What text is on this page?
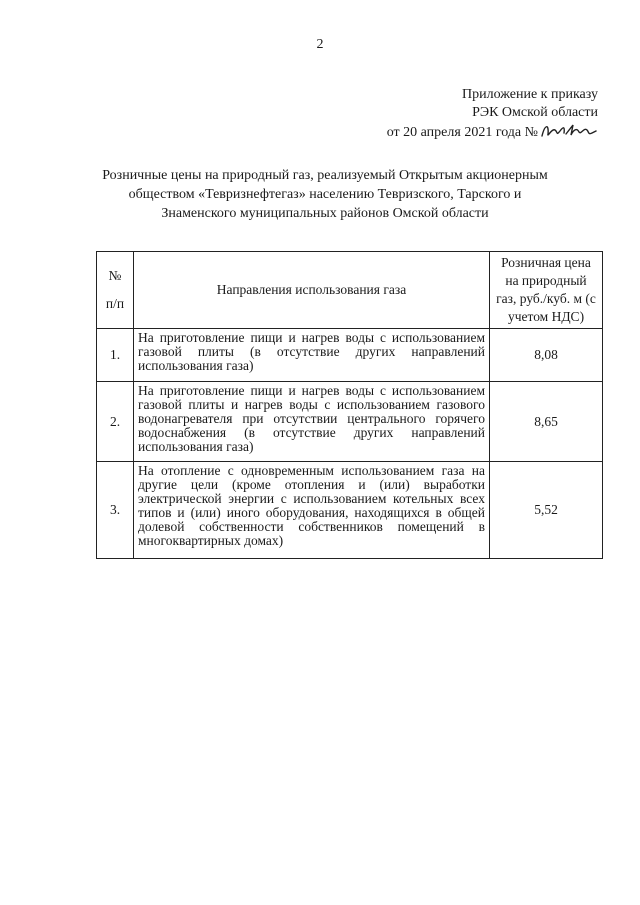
2
Приложение к приказу
РЭК Омской области
от 20 апреля 2021 года №
Розничные цены на природный газ, реализуемый Открытым акционерным обществом «Тевризнефтегаз» населению Тевризского, Тарского и Знаменского муниципальных районов Омской области
№
п/п	Направления использования газа	Розничная цена на природный газ, руб./куб. м (с учетом НДС)
1.	На приготовление пищи и нагрев воды с использованием газовой плиты (в отсутствие других направлений использования газа)	8,08
2.	На приготовление пищи и нагрев воды с использованием газовой плиты и нагрев воды с использованием газового водонагревателя при отсутствии центрального горячего водоснабжения (в отсутствие других направлений использования газа)	8,65
3.	На отопление с одновременным использованием газа на другие цели (кроме отопления и (или) выработки электрической энергии с использованием котельных всех типов и (или) иного оборудования, находящихся в общей долевой собственности собственников помещений в многоквартирных домах)	5,52
